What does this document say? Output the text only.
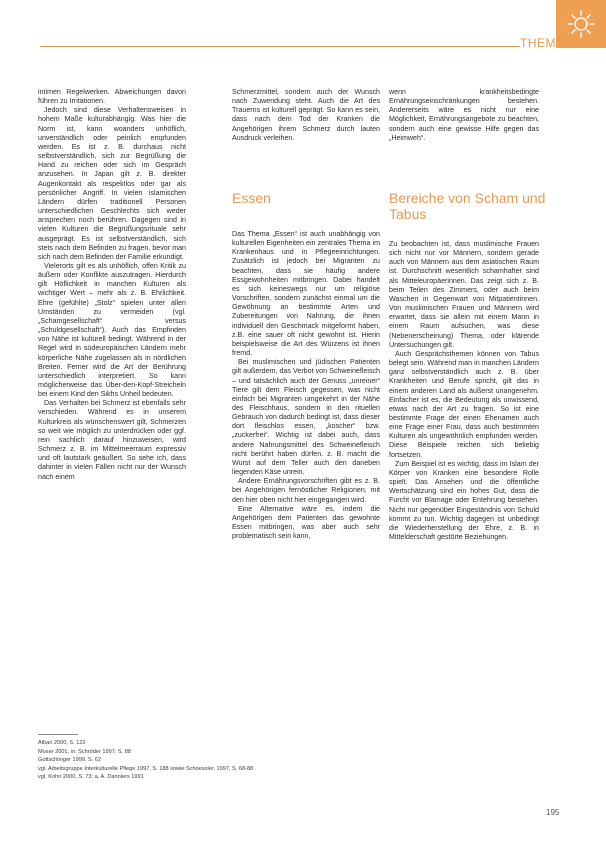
THEMA

intimen Regelwerken. Abweichungen davon führen zu Irritationen.

Jedoch sind diese Verhaltensweisen in hohem Maße kulturabhängig. Was hier die Norm ist, kann woanders unhöflich, unverständlich oder peinlich empfunden werden. Es ist z. B. durchaus nicht selbstverständlich, sich zur Begrüßung die Hand zu reichen oder sich im Gespräch anzusehen. In Japan gilt z. B. direkter Augenkontakt als respektlos oder gar als persönlicher Angriff. In vielen islamischen Ländern dürfen traditionell Personen unterschiedlichen Geschlechts sich weder ansprechen noch berühren. Dagegen sind in vielen Kulturen die Begrüßungsrituale sehr ausgeprägt. Es ist selbstverständlich, sich stets nach dem Befinden zu fragen, bevor man sich nach dem Befinden der Familie erkundigt.

Vielerorts gilt es als unhöflich, offen Kritik zu äußern oder Konflikte auszutragen. Hierdurch gilt Höflichkeit in manchen Kulturen als wichtiger Wert – mehr als z. B. Ehrlichkeit. Ehre (gefühlte) „Stolz“ spielen unter allen Umständen zu vermeiden (vgl. „Schamgesellschaft“ versus „Schuldgesellschaft“). Auch das Empfinden von Nähe ist kulturell bedingt. Während in der Regel wird in südeuropäischen Ländern mehr körperliche Nähe zugelassen als in nördlichen Breiten. Ferner wird die Art der Berührung unterschiedlich interpretiert. So kann möglicherweise das Über-den-Kopf-Streicheln bei einem Kind den Sikhs Unheil bedeuten.

Das Verhalten bei Schmerz ist ebenfalls sehr verschieden. Während es in unserem Kulturkreis als wünschenswert gilt, Schmerzen so weit wie möglich zu unterdrücken oder ggf. rein sachlich darauf hinzuweisen, wird Schmerz z. B. im Mittelmeerraum expressiv und oft lautstark geäußert. So sehe ich, dass dahinter in vielen Fällen nicht nur der Wunsch nach einem

Schmerzmittel, sondern auch der Wunsch nach Zuwendung steht. Auch die Art des Trauerns ist kulturell geprägt. So kann es sein, dass nach dem Tod der Kranken die Angehörigen ihrem Schmerz durch lauten Ausdruck verleihen.
Essen

Das Thema „Essen“ ist auch unabhängig von kulturellen Eigenheiten ein zentrales Thema im Krankenhaus und in Pflegeeinrichtungen. Zusätzlich ist jedoch bei Migranten zu beachten, dass sie häufig andere Essgewohnheiten mitbringen. Dabei handelt es sich keineswegs nur um religiöse Vorschriften, sondern zunächst einmal um die Gewöhnung an bestimmte Arten und Zubereitungen von Nahrung, die ihnen individuell den Geschmack mitgeformt haben, z.B. eine sauer oft nicht gewohnt ist. Hierin beispielsweise die Art des Würzens ist ihnen fremd.

Bei muslimischen und jüdischen Patienten gilt außerdem, das Verbot von Schweinefleisch – und tatsächlich auch der Genuss „unreiner“ Tiere gilt dem Fleisch gegessen, was nicht einfach bei Migranten umgekehrt in der Nähe des Fleischhaus, sondern in den rituellen Gebrauch von dadurch bedingt ist, dass dieser dort fleischlos essen, „koscher“ bzw. „zuckerfrei“. Wichtig ist dabei auch, dass andere Nahrungsmittel des Schweinefleisch nicht berührt haben dürfen. z. B. macht die Wurst auf dem Teller auch den daneben liegenden Käse unrein.

Andere Ernährungsvorschriften gibt es z. B. bei Angehörigen fernöstlicher Religionen, mit den hier oben nicht hier eingegangen wird.

Eine Alternative wäre es, indem die Angehörigen dem Patienten das gewohnte Essen mitbringen, was aber auch sehr problematisch sein kann,

wenn krankheitsbedingte Ernährungseinschränkungen bestehen. Andererseits wäre es nicht nur eine Möglichkeit, Ernährungsangebote zu beachten, sondern auch eine gewisse Hilfe gegen das „Heimweh“.
Bereiche von Scham und Tabus

Zu beobachten ist, dass muslimische Frauen sich nicht nur vor Männern, sondern gerade auch von Männern aus dem asiatischen Raum ist. Durchschnitt wesentlich schamhafter sind als Mitteleuropäerinnen. Das zeigt sich z. B. beim Teilen des Zimmers, oder auch beim Waschen in Gegenwart von Mitpatientinnen. Von muslimischen Frauen und Männern wird erwartet, dass sie allein mit einem Mann in einem Raum aufsuchen, was diese (Nebenerscheinung) Thema, oder klärende Untersuchungen gilt.

Auch Gesprächsthemen können von Tabus belegt sein. Während man in manchen Ländern ganz selbstverständlich auch z. B. über Krankheiten und Berufe spricht, gilt das in einem anderen Land als äußerst unangenehm. Einfacher ist es, die Bedeutung als unwissend, etwas nach der Art zu fragen. So ist eine bestimmte Frage der einen Ehenamen auch eine Frage einer Frau, dass auch bestimmten Kulturen als ungewöhnlich empfunden werden. Diese Beispiele reichen sich beliebig fortsetzen.

Zum Beispiel ist es wichtig, dass im Islam der Körper von Kranken eine besondere Rolle spielt. Das Ansehen und die öffentliche Wertschätzung sind ein hohes Gut, dass die Furcht vor Blamage oder Entehrung bestehen. Nicht nur gegenüber Eingeständnis von Schuld kommt zu tun. Wichtig dagegen ist unbedingt die Wiederherstellung der Ehre, z. B. in Mittelderschaft gestörte Beziehungen.

Alban 2000, S. 122
Moser 2001, in: Schröder 1997, S. 88
Gottschlinger 1999, S. 62
vgl. Arbeitsgruppe Interkulturelle Pflege 1997, S. 188 sowie Schoessler, 1997, S. 68-88
vgl. Kohn 2000, S. 73; a. A. Dannlers 1991
195
